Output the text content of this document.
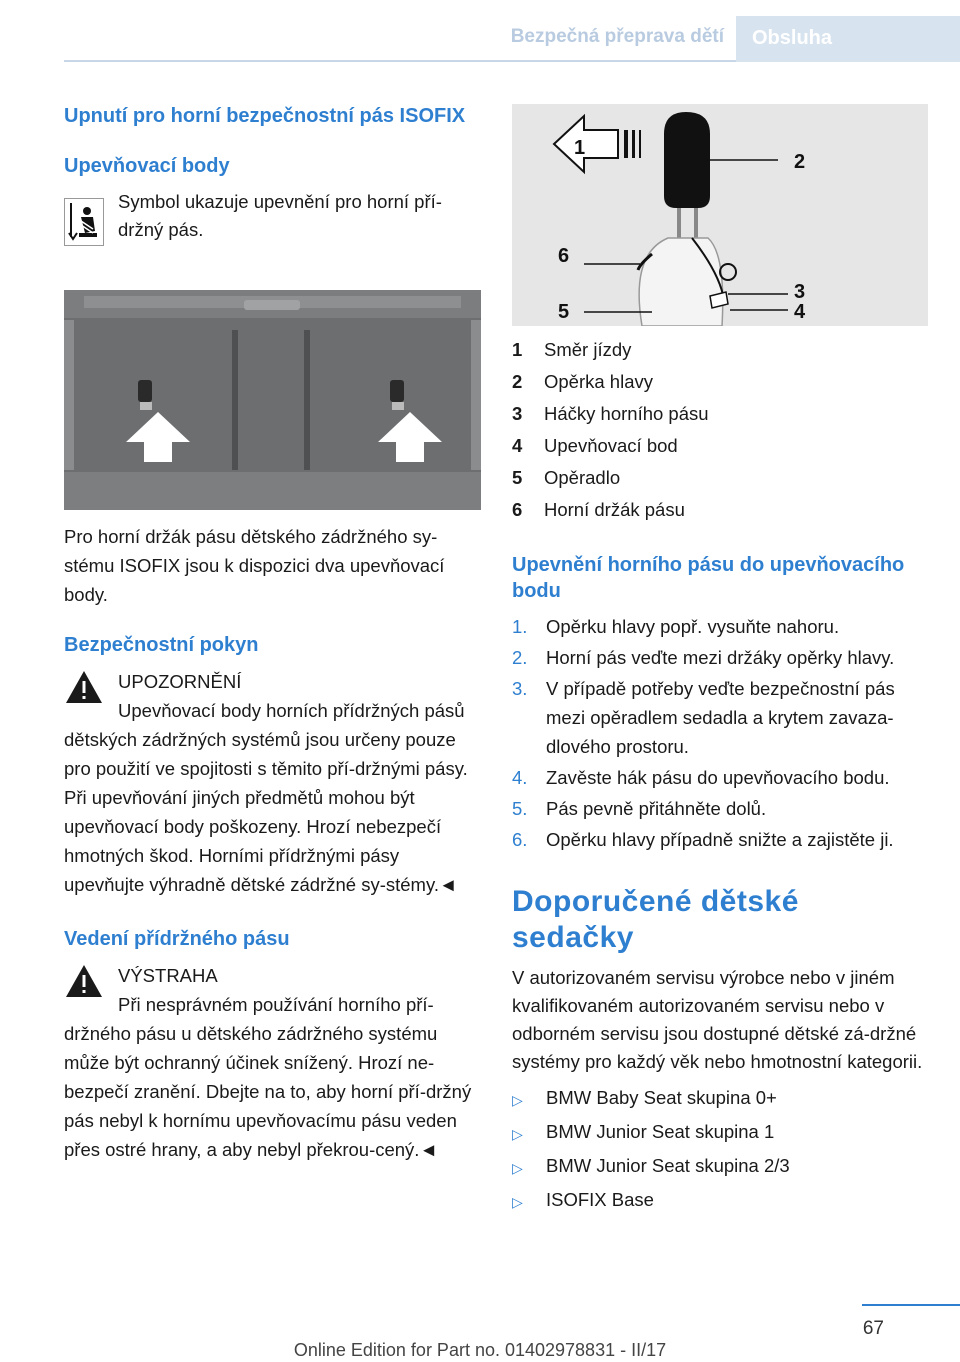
Bezpečná přeprava dětí	Obsluha
Upnutí pro horní bezpečnostní pás ISOFIX
Upevňovací body
Symbol ukazuje upevnění pro horní pří-držný pás.

Pro horní držák pásu dětského zádržného sy-stému ISOFIX jsou k dispozici dva upevňovací body.

Bezpečnostní pokyn
UPOZORNĚNÍ
Upevňovací body horních přídržných pásů dětských zádržných systémů jsou určeny pouze pro použití ve spojitosti s těmito pří-držnými pásy. Při upevňování jiných předmětů mohou být upevňovací body poškozeny. Hrozí nebezpečí hmotných škod. Horními přídržnými pásy upevňujte výhradně dětské zádržné sy-stémy.◄
Vedení přídržného pásu
VÝSTRAHA
Při nesprávném používání horního pří-držného pásu u dětského zádržného systému může být ochranný účinek snížený. Hrozí ne-bezpečí zranění. Dbejte na to, aby horní pří-držný pás nebyl k hornímu upevňovacímu pásu veden přes ostré hrany, a aby nebyl překrou-cený.◄
1
2
6
3
5	4
1	Směr jízdy
2	Opěrka hlavy
3	Háčky horního pásu
4	Upevňovací bod
5	Opěradlo
6	Horní držák pásu
Upevnění horního pásu do upevňovacího bodu
1.	Opěrku hlavy popř. vysuňte nahoru.
2.	Horní pás veďte mezi držáky opěrky hlavy.
3.	V případě potřeby veďte bezpečnostní pás mezi opěradlem sedadla a krytem zavaza-dlového prostoru.
4.	Zavěste hák pásu do upevňovacího bodu.
5.	Pás pevně přitáhněte dolů.
6.	Opěrku hlavy případně snižte a zajistěte ji.
Doporučené dětské sedačky

V autorizovaném servisu výrobce nebo v jiném kvalifikovaném autorizovaném servisu nebo v odborném servisu jsou dostupné dětské zá-držné systémy pro každý věk nebo hmotnostní kategorii.

▷	BMW Baby Seat skupina 0+
▷	BMW Junior Seat skupina 1
▷	BMW Junior Seat skupina 2/3
▷	ISOFIX Base
67
Online Edition for Part no. 01402978831 - II/17
